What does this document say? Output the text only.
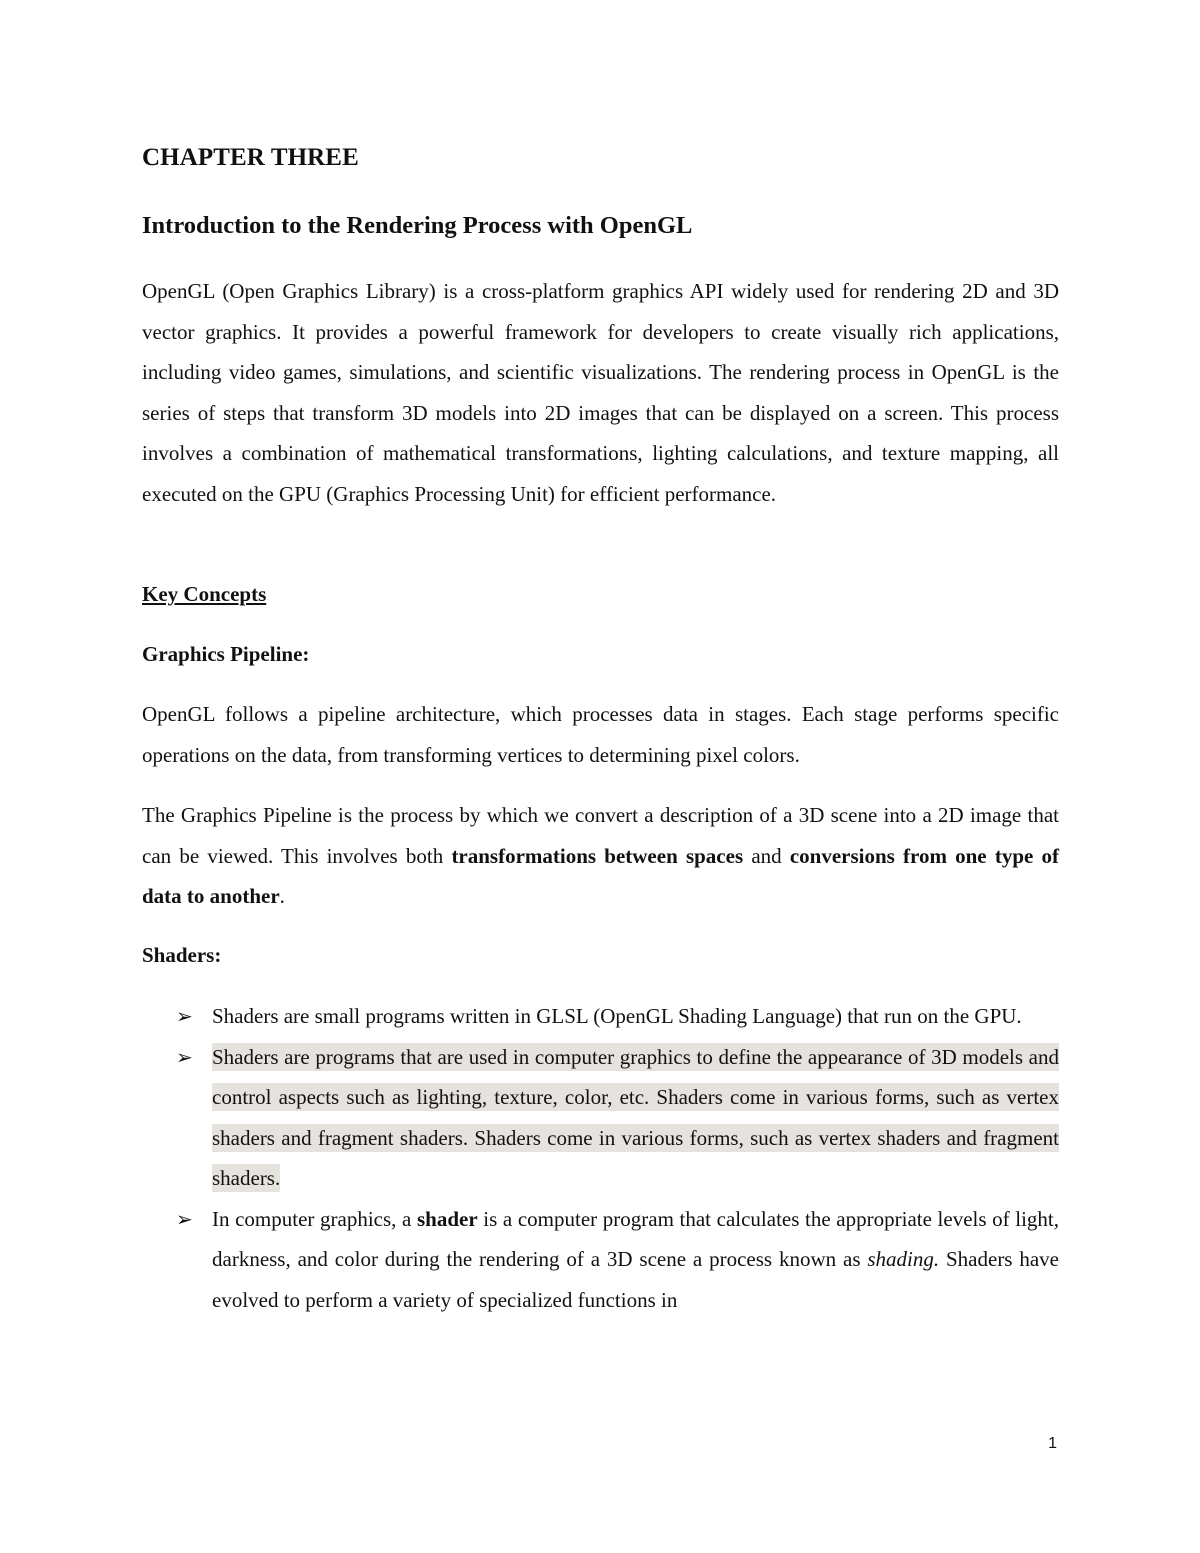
CHAPTER THREE
Introduction to the Rendering Process with OpenGL

OpenGL (Open Graphics Library) is a cross-platform graphics API widely used for rendering 2D and 3D vector graphics. It provides a powerful framework for developers to create visually rich applications, including video games, simulations, and scientific visualizations. The rendering process in OpenGL is the series of steps that transform 3D models into 2D images that can be displayed on a screen. This process involves a combination of mathematical transformations, lighting calculations, and texture mapping, all executed on the GPU (Graphics Processing Unit) for efficient performance.

Key Concepts

Graphics Pipeline:

OpenGL follows a pipeline architecture, which processes data in stages. Each stage performs specific operations on the data, from transforming vertices to determining pixel colors.

The Graphics Pipeline is the process by which we convert a description of a 3D scene into a 2D image that can be viewed. This involves both transformations between spaces and conversions from one type of data to another.

Shaders:

➢ Shaders are small programs written in GLSL (OpenGL Shading Language) that run on the GPU.
➢ Shaders are programs that are used in computer graphics to define the appearance of 3D models and control aspects such as lighting, texture, color, etc. Shaders come in various forms, such as vertex shaders and fragment shaders. Shaders come in various forms, such as vertex shaders and fragment shaders.
➢ In computer graphics, a shader is a computer program that calculates the appropriate levels of light, darkness, and color during the rendering of a 3D scene a process known as shading. Shaders have evolved to perform a variety of specialized functions in

1
